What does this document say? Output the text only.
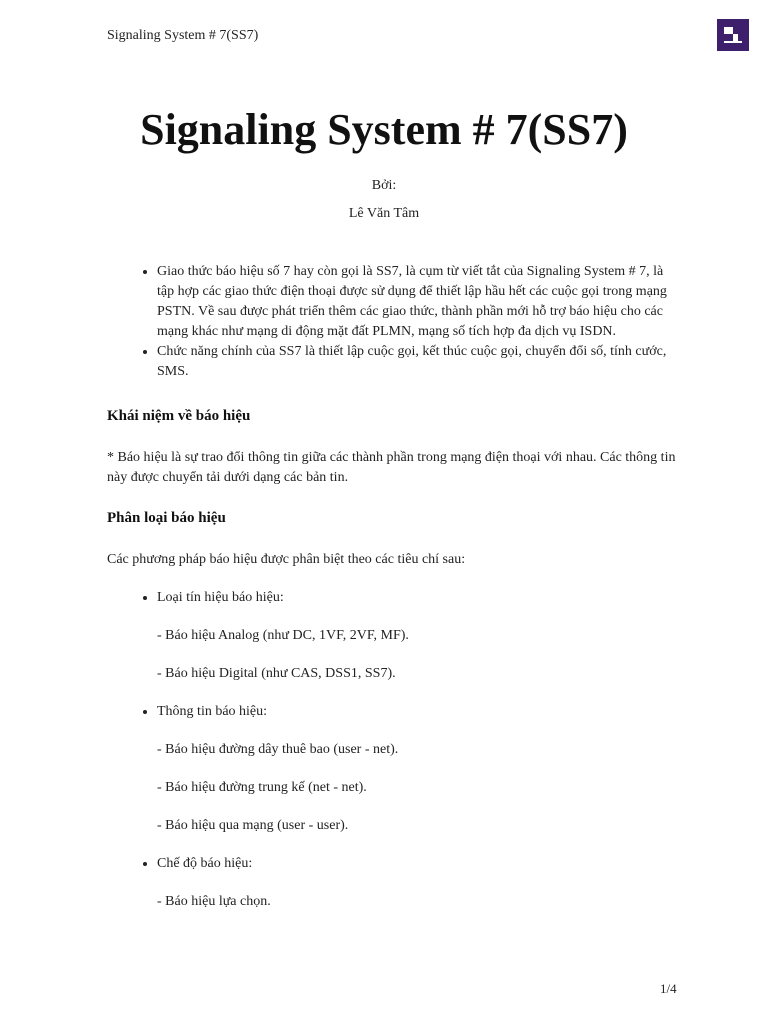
Signaling System # 7(SS7)
Signaling System # 7(SS7)
Bởi:
Lê Văn Tâm
• Giao thức báo hiệu số 7 hay còn gọi là SS7, là cụm từ viết tắt của Signaling System # 7, là tập hợp các giao thức điện thoại được sử dụng để thiết lập hầu hết các cuộc gọi trong mạng PSTN. Về sau được phát triển thêm các giao thức, thành phần mới hỗ trợ báo hiệu cho các mạng khác như mạng di động mặt đất PLMN, mạng số tích hợp đa dịch vụ ISDN.
• Chức năng chính của SS7 là thiết lập cuộc gọi, kết thúc cuộc gọi, chuyển đổi số, tính cước, SMS.
Khái niệm về báo hiệu

* Báo hiệu là sự trao đổi thông tin giữa các thành phần trong mạng điện thoại với nhau. Các thông tin này được chuyển tải dưới dạng các bản tin.

Phân loại báo hiệu

Các phương pháp báo hiệu được phân biệt theo các tiêu chí sau:

• Loại tín hiệu báo hiệu:

- Báo hiệu Analog (như DC, 1VF, 2VF, MF).

- Báo hiệu Digital (như CAS, DSS1, SS7).

• Thông tin báo hiệu:

- Báo hiệu đường dây thuê bao (user - net).

- Báo hiệu đường trung kế (net - net).

- Báo hiệu qua mạng (user - user).

• Chế độ báo hiệu:

- Báo hiệu lựa chọn.

1/4
